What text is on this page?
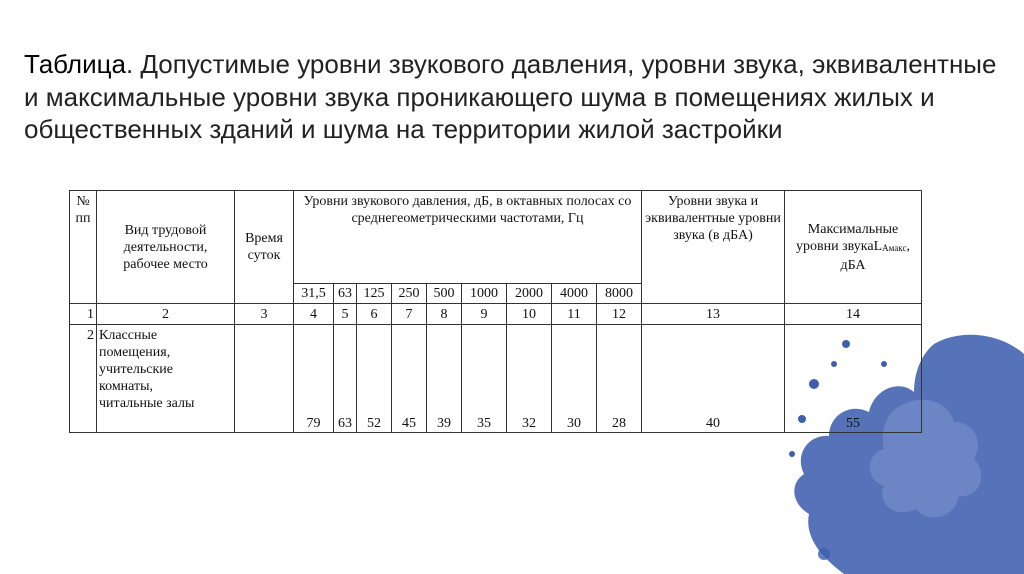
Таблица. Допустимые уровни звукового давления, уровни звука, эквивалентные и максимальные уровни звука проникающего шума в помещениях жилых и общественных зданий и шума на территории жилой застройки
№ пп	Вид трудовой деятельности, рабочее место	Время суток	Уровни звукового давления, дБ, в октавных полосах со среднегеометрическими частотами, Гц									Уровни звука и эквивалентные уровни звука (в дБА)	Максимальные уровни звукаLАмакс, дБА
			31,5	63	125	250	500	1000	2000	4000	8000		
1	2	3	4	5	6	7	8	9	10	11	12	13	14
2	Классные
помещения,
учительские
комнаты,
читальные залы		79	63	52	45	39	35	32	30	28	40	55
